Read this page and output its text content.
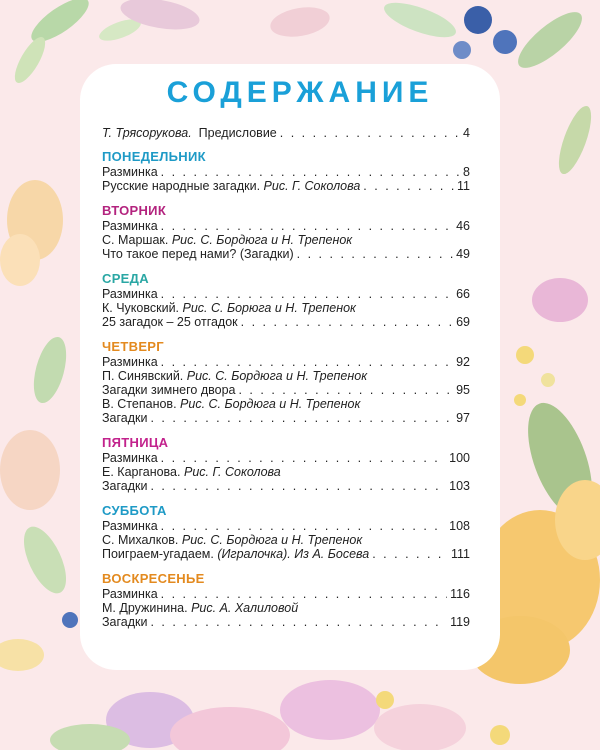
СОДЕРЖАНИЕ
Т. Трясорукова. Предисловие . . .	4
ПОНЕДЕЛЬНИК
Разминка . . .	8
Русские народные загадки. Рис. Г. Соколова . . .	11
ВТОРНИК
Разминка . . .	46
С. Маршак. Рис. С. Бордюга и Н. Трепенок
Что такое перед нами? (Загадки) . . .	49
СРЕДА
Разминка . . .	66
К. Чуковский. Рис. С. Борюга и Н. Трепенок
25 загадок – 25 отгадок . . .	69
ЧЕТВЕРГ
Разминка . . .	92
П. Синявский. Рис. С. Бордюга и Н. Трепенок
Загадки зимнего двора . . .	95
В. Степанов. Рис. С. Бордюга и Н. Трепенок
Загадки . . .	97
ПЯТНИЦА
Разминка . . .	100
Е. Карганова. Рис. Г. Соколова
Загадки . . .	103
СУББОТА
Разминка . . .	108
С. Михалков. Рис. С. Бордюга и Н. Трепенок
Поиграем-угадаем. (Игралочка). Из А. Босева . . .	111
ВОСКРЕСЕНЬЕ
Разминка . . .	116
М. Дружинина. Рис. А. Халиловой
Загадки . . .	119
